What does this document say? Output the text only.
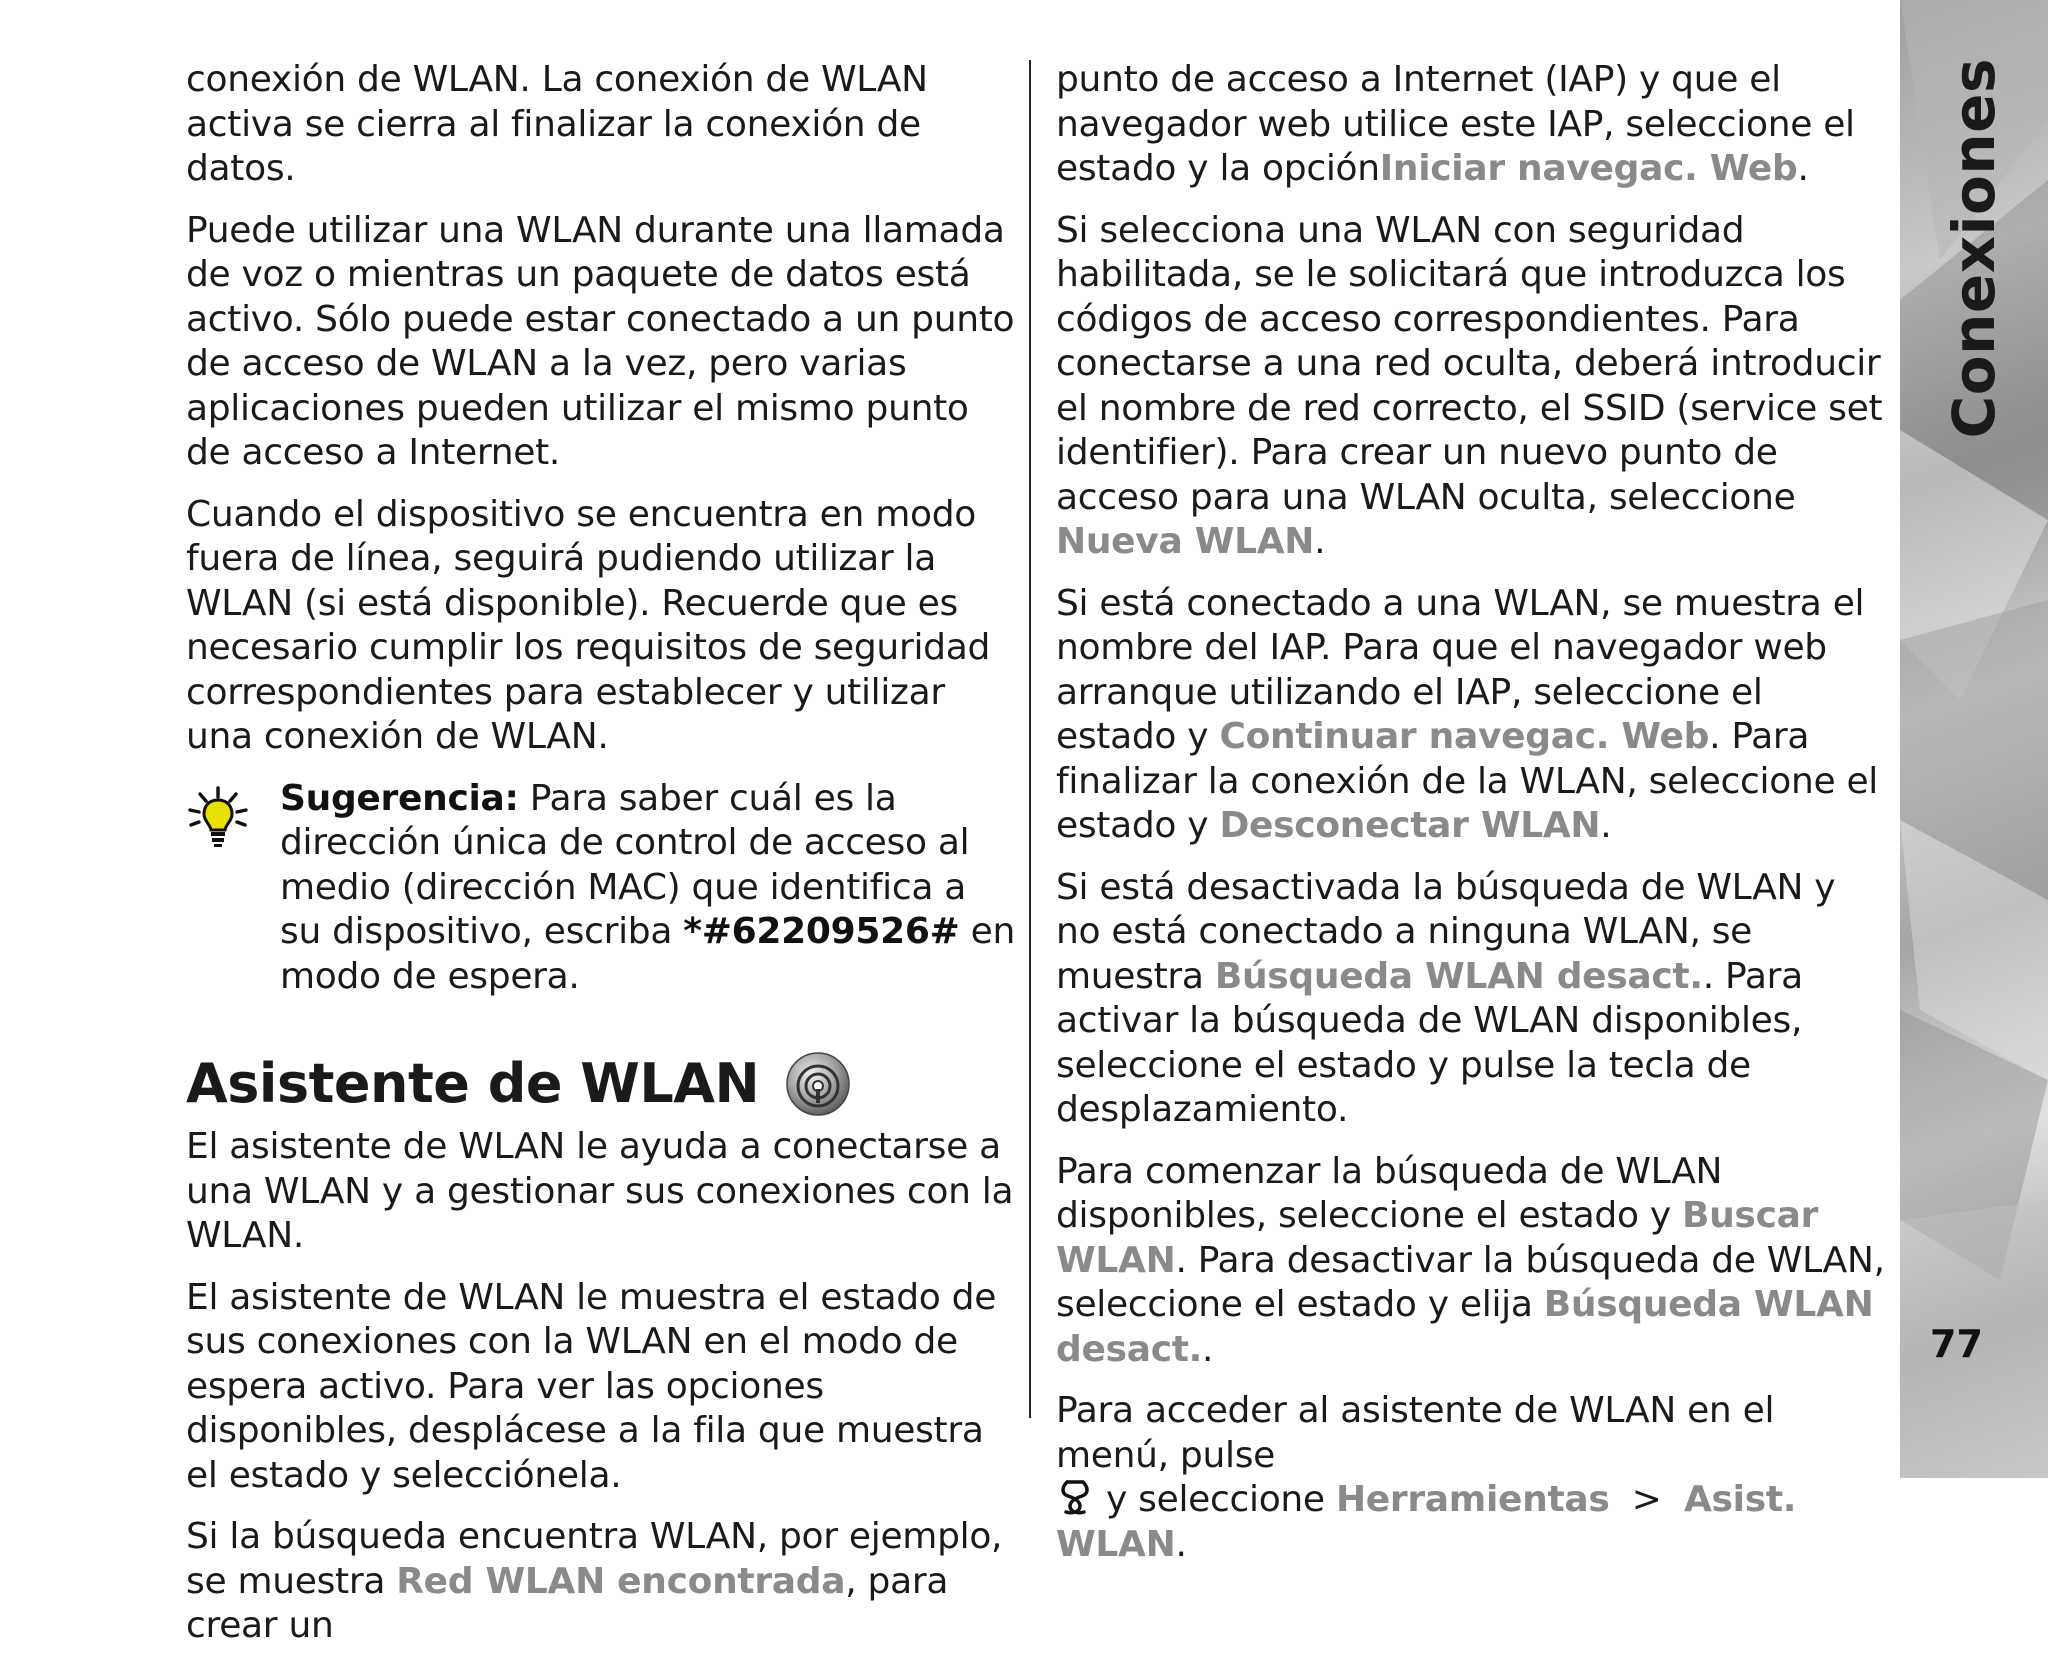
conexión de WLAN. La conexión de WLAN activa se cierra al finalizar la conexión de datos.

Puede utilizar una WLAN durante una llamada de voz o mientras un paquete de datos está activo. Sólo puede estar conectado a un punto de acceso de WLAN a la vez, pero varias aplicaciones pueden utilizar el mismo punto de acceso a Internet.

Cuando el dispositivo se encuentra en modo fuera de línea, seguirá pudiendo utilizar la WLAN (si está disponible). Recuerde que es necesario cumplir los requisitos de seguridad correspondientes para establecer y utilizar una conexión de WLAN.

Sugerencia: Para saber cuál es la dirección única de control de acceso al medio (dirección MAC) que identifica a su dispositivo, escriba *#62209526# en modo de espera.
Asistente de WLAN

El asistente de WLAN le ayuda a conectarse a una WLAN y a gestionar sus conexiones con la WLAN.

El asistente de WLAN le muestra el estado de sus conexiones con la WLAN en el modo de espera activo. Para ver las opciones disponibles, desplácese a la fila que muestra el estado y selecciónela.

Si la búsqueda encuentra WLAN, por ejemplo, se muestra Red WLAN encontrada, para crear un

punto de acceso a Internet (IAP) y que el navegador web utilice este IAP, seleccione el estado y la opciónIniciar navegac. Web.

Si selecciona una WLAN con seguridad habilitada, se le solicitará que introduzca los códigos de acceso correspondientes. Para conectarse a una red oculta, deberá introducir el nombre de red correcto, el SSID (service set identifier). Para crear un nuevo punto de acceso para una WLAN oculta, seleccione Nueva WLAN.

Si está conectado a una WLAN, se muestra el nombre del IAP. Para que el navegador web arranque utilizando el IAP, seleccione el estado y Continuar navegac. Web. Para finalizar la conexión de la WLAN, seleccione el estado y Desconectar WLAN.

Si está desactivada la búsqueda de WLAN y no está conectado a ninguna WLAN, se muestra Búsqueda WLAN desact.. Para activar la búsqueda de WLAN disponibles, seleccione el estado y pulse la tecla de desplazamiento.

Para comenzar la búsqueda de WLAN disponibles, seleccione el estado y Buscar WLAN. Para desactivar la búsqueda de WLAN, seleccione el estado y elija Búsqueda WLAN desact..

Para acceder al asistente de WLAN en el menú, pulse
y seleccione Herramientas  >  Asist. WLAN.

Conexiones
77
